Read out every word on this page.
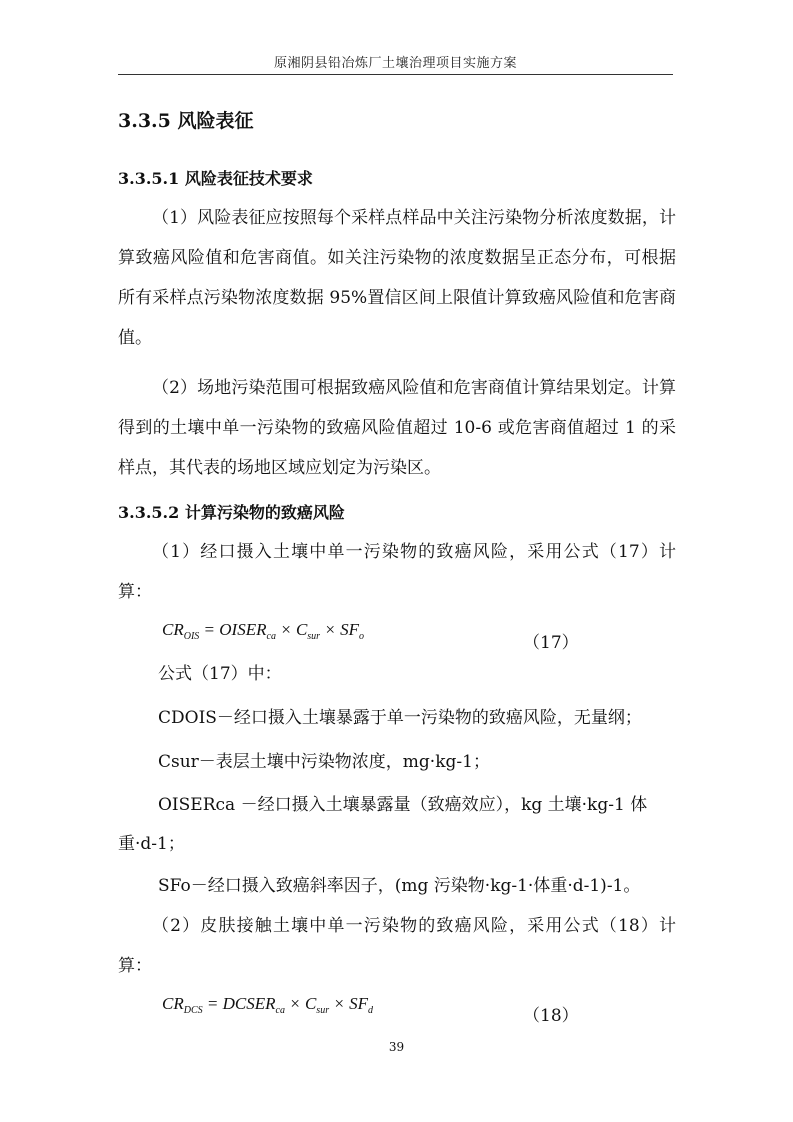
原湘阴县铅冶炼厂土壤治理项目实施方案
3.3.5 风险表征
3.3.5.1 风险表征技术要求

（1）风险表征应按照每个采样点样品中关注污染物分析浓度数据，计算致癌风险值和危害商值。如关注污染物的浓度数据呈正态分布，可根据所有采样点污染物浓度数据 95%置信区间上限值计算致癌风险值和危害商值。

（2）场地污染范围可根据致癌风险值和危害商值计算结果划定。计算得到的土壤中单一污染物的致癌风险值超过 10-6 或危害商值超过 1 的采样点，其代表的场地区域应划定为污染区。

3.3.5.2 计算污染物的致癌风险

（1）经口摄入土壤中单一污染物的致癌风险，采用公式（17）计算：

$CR_{OIS}$ = $OISER_{ca} \times C_{sur} \times SF_o$	（17）

公式（17）中：

CDOIS－经口摄入土壤暴露于单一污染物的致癌风险，无量纲；

Csur－表层土壤中污染物浓度，mg·kg-1；

OISERca －经口摄入土壤暴露量（致癌效应），kg 土壤·kg-1 体

重·d-1；

SFo－经口摄入致癌斜率因子，(mg 污染物·kg-1·体重·d-1)-1。

（2）皮肤接触土壤中单一污染物的致癌风险，采用公式（18）计算：

$CR_{DCS}$ = $DCSER_{ca} \times C_{sur} \times SF_d$	（18）
39
